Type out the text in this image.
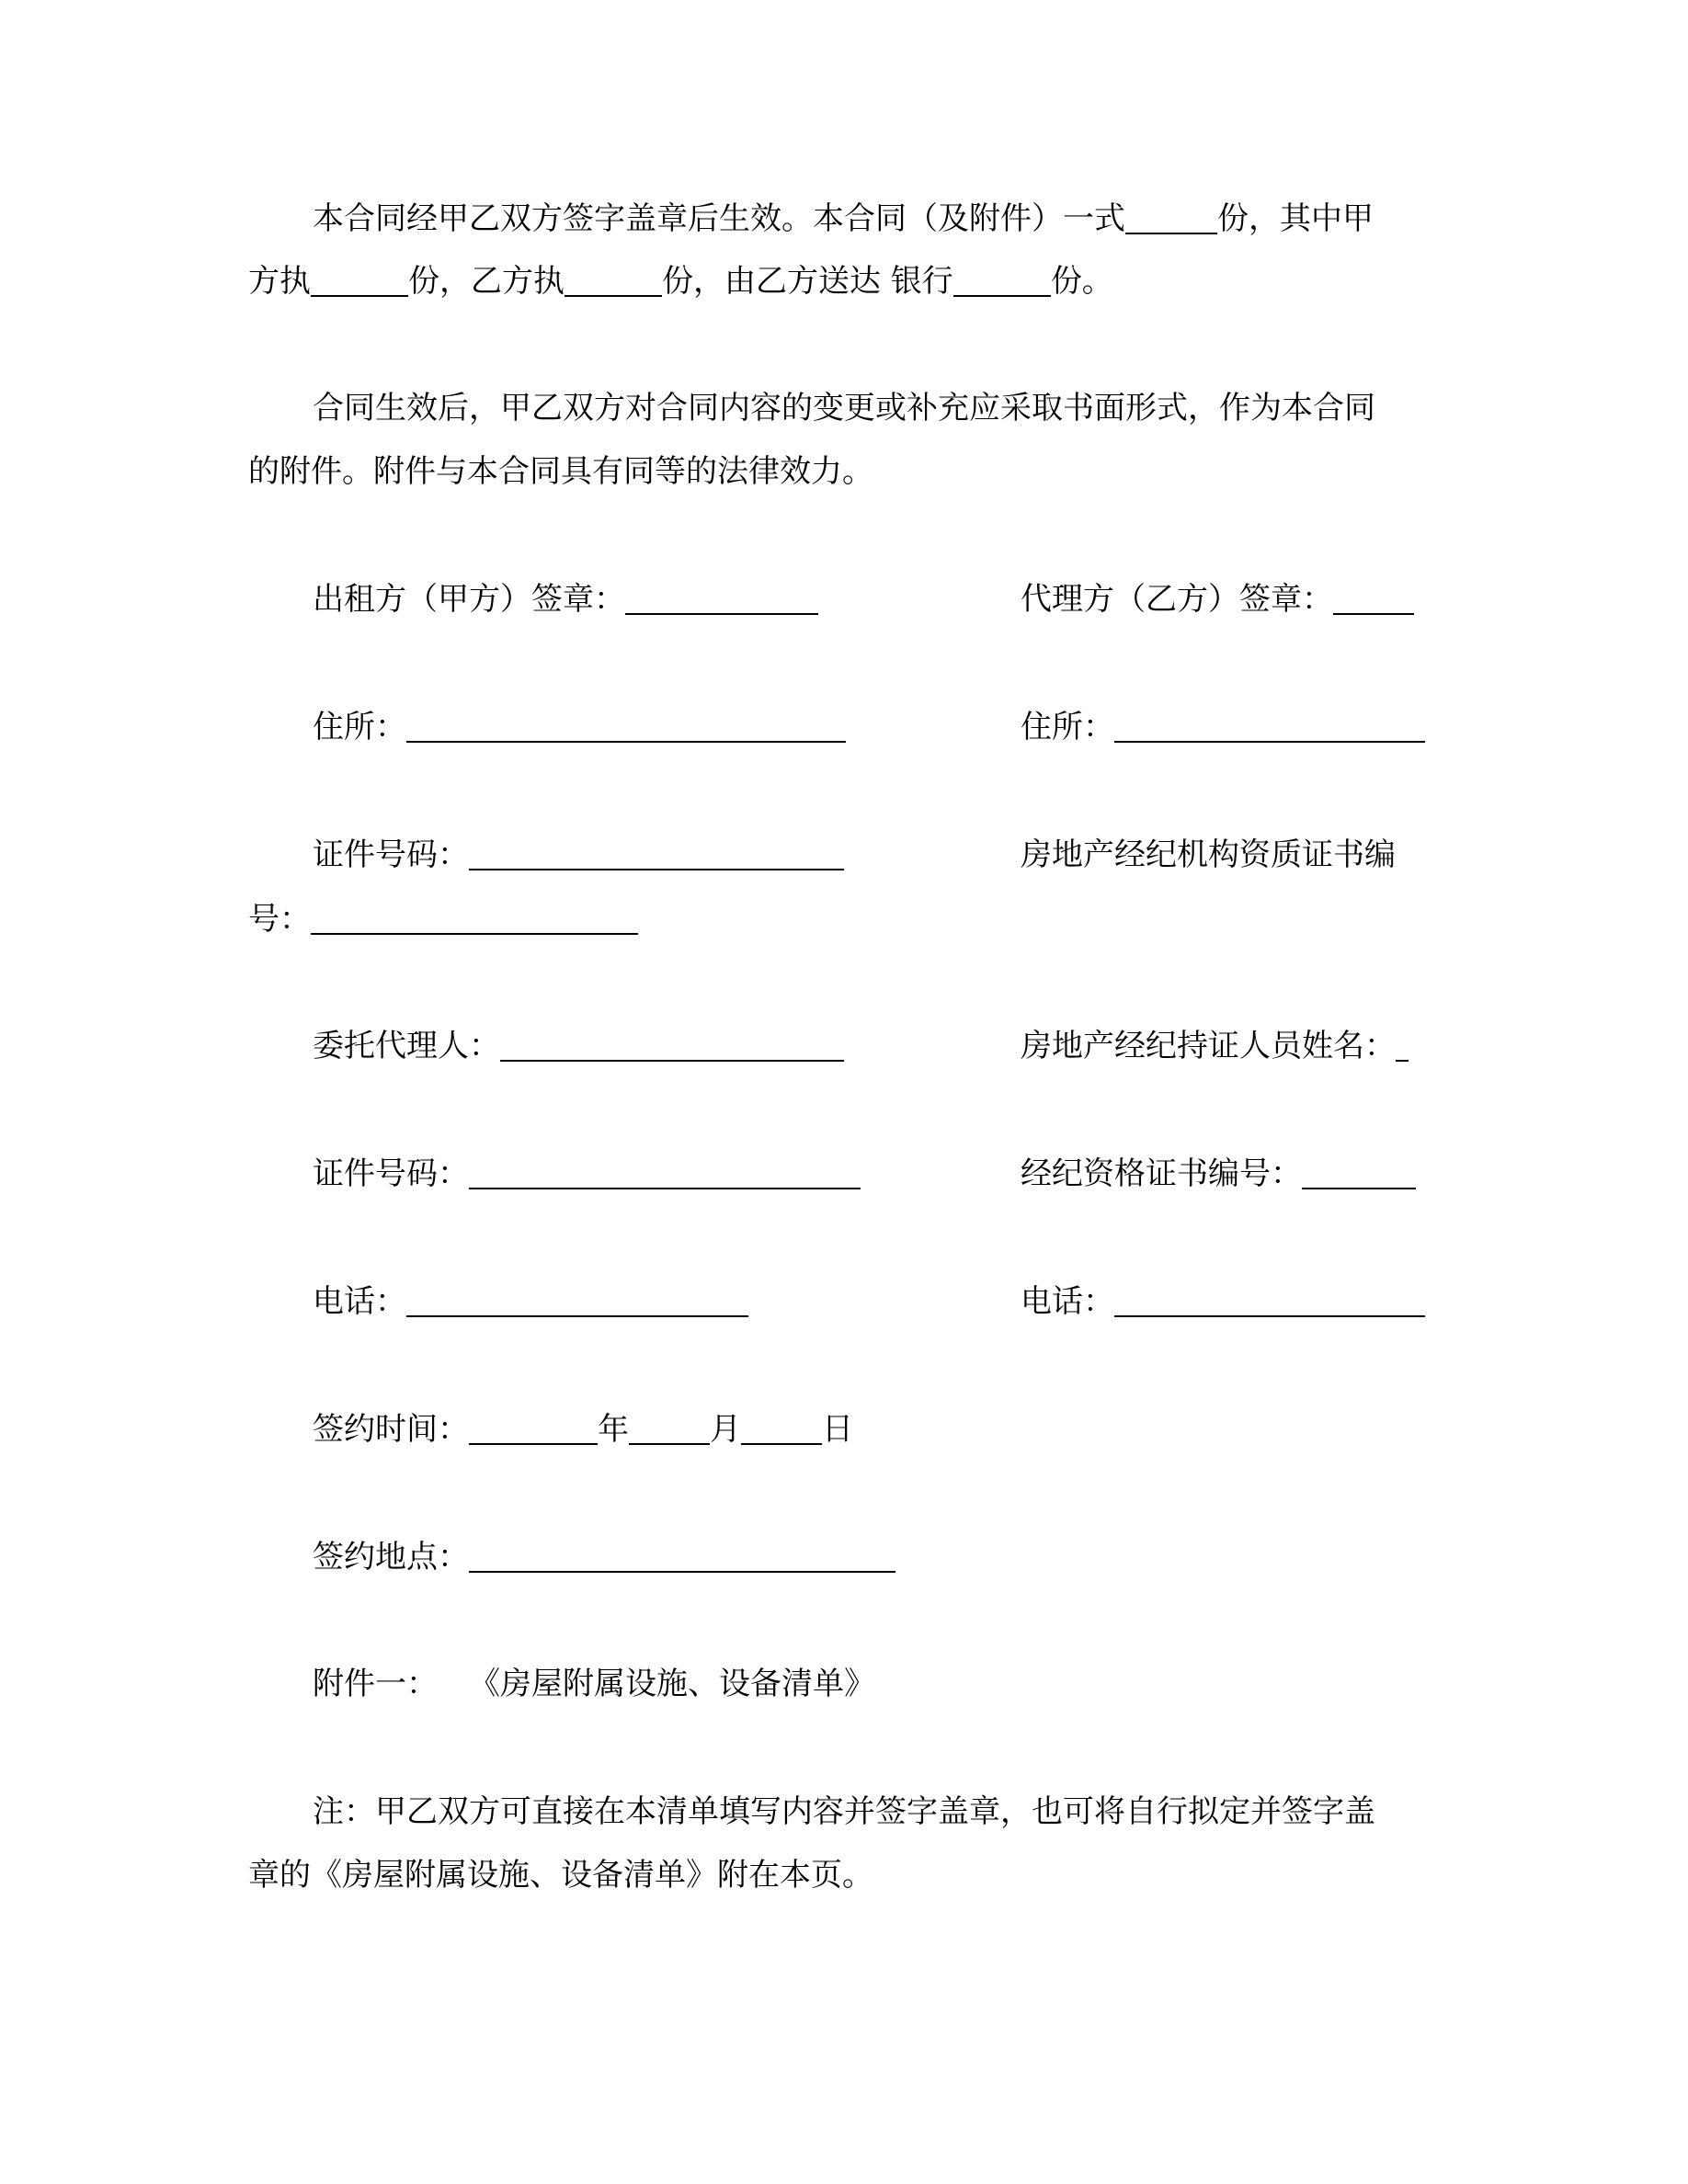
本合同经甲乙双方签字盖章后生效。本合同（及附件）一式	份，其中甲
方执	份，乙方执	份，由乙方送达 银行	份。
合同生效后，甲乙双方对合同内容的变更或补充应采取书面形式，作为本合同
的附件。附件与本合同具有同等的法律效力。
出租方（甲方）签章：	代理方（乙方）签章：
住所：	住所：
证件号码：	房地产经纪机构资质证书编
号：
委托代理人：	房地产经纪持证人员姓名：
证件号码：	经纪资格证书编号：
电话：	电话：
签约时间：	年	月	日
签约地点：
附件一： 《房屋附属设施、设备清单》
注：甲乙双方可直接在本清单填写内容并签字盖章，也可将自行拟定并签字盖
章的《房屋附属设施、设备清单》附在本页。
